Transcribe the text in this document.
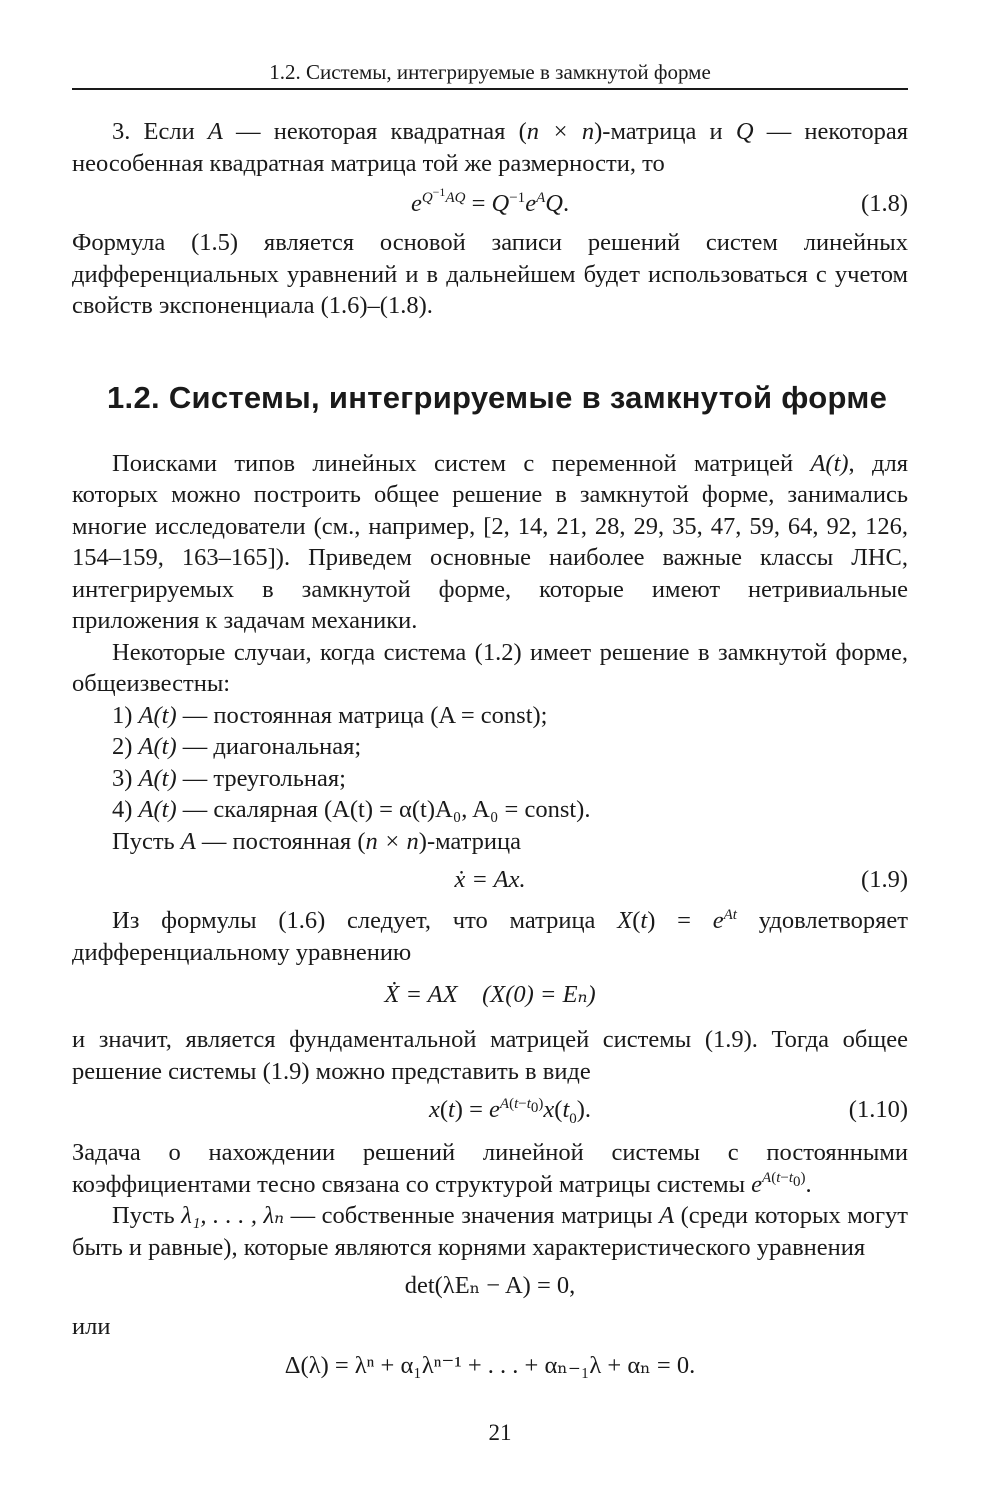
1.2. Системы, интегрируемые в замкнутой форме

3. Если A — некоторая квадратная (n × n)-матрица и Q — некоторая неособенная квадратная матрица той же размерности, то

$e^{Q^{-1}AQ} = Q^{-1}e^AQ$.	(1.8)

Формула (1.5) является основой записи решений систем линейных дифференциальных уравнений и в дальнейшем будет использоваться с учетом свойств экспоненциала (1.6)–(1.8).

1.2. Системы, интегрируемые в замкнутой форме

Поисками типов линейных систем с переменной матрицей A(t), для которых можно построить общее решение в замкнутой форме, занимались многие исследователи (см., например, [2, 14, 21, 28, 29, 35, 47, 59, 64, 92, 126, 154–159, 163–165]). Приведем основные наиболее важные классы ЛНС, интегрируемых в замкнутой форме, которые имеют нетривиальные приложения к задачам механики.

Некоторые случаи, когда система (1.2) имеет решение в замкнутой форме, общеизвестны:

1) A(t) — постоянная матрица (A = const);
2) A(t) — диагональная;
3) A(t) — треугольная;
4) A(t) — скалярная (A(t) = α(t)A₀, A₀ = const).

Пусть A — постоянная (n × n)-матрица

ẋ = Ax.	(1.9)

Из формулы (1.6) следует, что матрица $X(t) = e^{At}$ удовлетворяет дифференциальному уравнению

Ẋ = AX    (X(0) = Eₙ)

и значит, является фундаментальной матрицей системы (1.9). Тогда общее решение системы (1.9) можно представить в виде

$x(t) = e^{A(t-t_0)}x(t_0)$.	(1.10)

Задача о нахождении решений линейной системы с постоянными коэффициентами тесно связана со структурой матрицы системы $e^{A(t-t_0)}$.

Пусть λ₁, . . . , λₙ — собственные значения матрицы A (среди которых могут быть и равные), которые являются корнями характеристического уравнения

det(λEₙ − A) = 0,

или

Δ(λ) = λⁿ + α₁λⁿ⁻¹ + . . . + αₙ₋₁λ + αₙ = 0.
21
